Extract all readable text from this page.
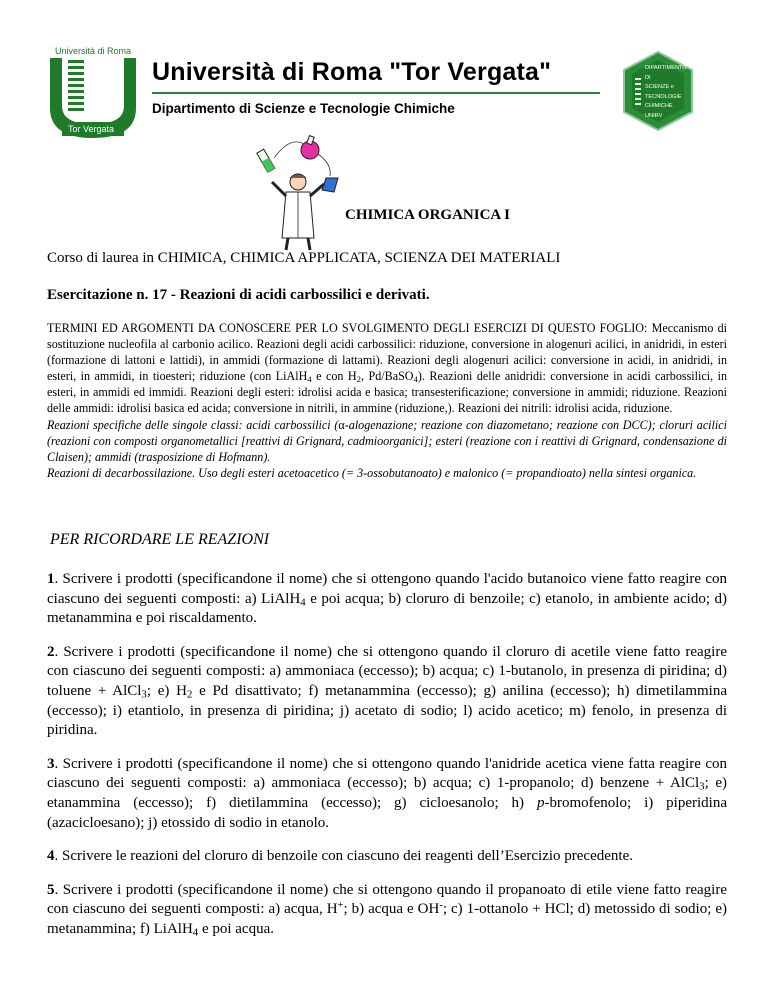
Università di Roma
Tor Vergata
Università di Roma "Tor Vergata"
Dipartimento di Scienze e Tecnologie Chimiche
DIPARTIMENTO DI
SCIENZE e
TECNOLOGIE
CHIMICHE
UNIRV
CHIMICA ORGANICA I
Corso di laurea in CHIMICA, CHIMICA APPLICATA, SCIENZA DEI MATERIALI
Esercitazione n. 17 - Reazioni di acidi carbossilici e derivati.

TERMINI ED ARGOMENTI DA CONOSCERE PER LO SVOLGIMENTO DEGLI ESERCIZI DI QUESTO FOGLIO: Meccanismo di sostituzione nucleofila al carbonio acilico. Reazioni degli acidi carbossilici: riduzione, conversione in alogenuri acilici, in anidridi, in esteri (formazione di lattoni e lattidi), in ammidi (formazione di lattami). Reazioni degli alogenuri acilici: conversione in acidi, in anidridi, in esteri, in ammidi, in tioesteri; riduzione (con LiAlH$_4$ e con $H_2$, Pd/BaSO$_4$). Reazioni delle anidridi: conversione in acidi carbossilici, in esteri, in ammidi ed immidi. Reazioni degli esteri: idrolisi acida e basica; transesterificazione; conversione in ammidi; riduzione. Reazioni delle ammidi: idrolisi basica ed acida; conversione in nitrili, in ammine (riduzione,). Reazioni dei nitrili: idrolisi acida, riduzione.

Reazioni specifiche delle singole classi: acidi carbossilici (α-alogenazione; reazione con diazometano; reazione con DCC); cloruri acilici (reazioni con composti organometallici [reattivi di Grignard, cadmioorganici]; esteri (reazione con i reattivi di Grignard, condensazione di Claisen); ammidi (trasposizione di Hofmann).

Reazioni di decarbossilazione. Uso degli esteri acetoacetico (= 3-ossobutanoato) e malonico (= propandioato) nella sintesi organica.

PER RICORDARE LE REAZIONI

1. Scrivere i prodotti (specificandone il nome) che si ottengono quando l'acido butanoico viene fatto reagire con ciascuno dei seguenti composti: a) LiAlH$_4$ e poi acqua; b) cloruro di benzoile; c) etanolo, in ambiente acido; d) metanammina e poi riscaldamento.

2. Scrivere i prodotti (specificandone il nome) che si ottengono quando il cloruro di acetile viene fatto reagire con ciascuno dei seguenti composti: a) ammoniaca (eccesso); b) acqua; c) 1-butanolo, in presenza di piridina; d) toluene + AlCl$_3$; e) $H_2$ e Pd disattivato; f) metanammina (eccesso); g) anilina (eccesso); h) dimetilammina (eccesso); i) etantiolo, in presenza di piridina; j) acetato di sodio; l) acido acetico; m) fenolo, in presenza di piridina.

3. Scrivere i prodotti (specificandone il nome) che si ottengono quando l'anidride acetica viene fatta reagire con ciascuno dei seguenti composti: a) ammoniaca (eccesso); b) acqua; c) 1-propanolo; d) benzene + AlCl$_3$; e) etanammina (eccesso); f) dietilammina (eccesso); g) cicloesanolo; h) p-bromofenolo; i) piperidina (azacicloesano); j) etossido di sodio in etanolo.

4. Scrivere le reazioni del cloruro di benzoile con ciascuno dei reagenti dell’Esercizio precedente.

5. Scrivere i prodotti (specificandone il nome) che si ottengono quando il propanoato di etile viene fatto reagire con ciascuno dei seguenti composti: a) acqua, H+; b) acqua e OH-; c) 1-ottanolo + HCl; d) metossido di sodio; e) metanammina; f) LiAlH$_4$ e poi acqua.
